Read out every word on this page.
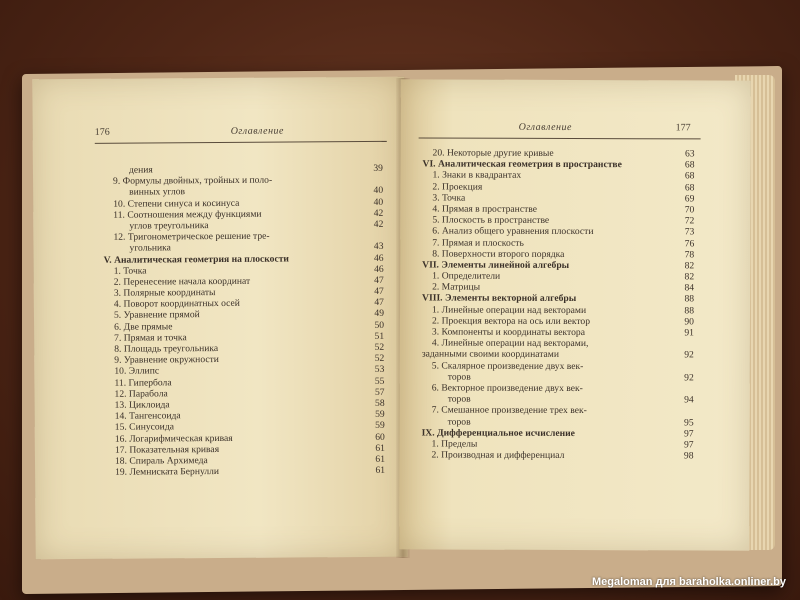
176	Оглавление
дения	39
9. Формулы двойных, тройных и поло-
винных углов	40
10. Степени синуса и косинуса	40
11. Соотношения между функциями	42
углов треугольника	42
12. Тригонометрическое решение тре-
угольника	43
V. Аналитическая геометрия на плоскости	46
1. Точка	46
2. Перенесение начала координат	47
3. Полярные координаты	47
4. Поворот координатных осей	47
5. Уравнение прямой	49
6. Две прямые	50
7. Прямая и точка	51
8. Площадь треугольника	52
9. Уравнение окружности	52
10. Эллипс	53
11. Гипербола	55
12. Парабола	57
13. Циклоида	58
14. Тангенсоида	59
15. Синусоида	59
16. Логарифмическая кривая	60
17. Показательная кривая	61
18. Спираль Архимеда	61
19. Лемниската Бернулли	61
Оглавление	177
20. Некоторые другие кривые	63
VI. Аналитическая геометрия в пространстве	68
1. Знаки в квадрантах	68
2. Проекция	68
3. Точка	69
4. Прямая в пространстве	70
5. Плоскость в пространстве	72
6. Анализ общего уравнения плоскости	73
7. Прямая и плоскость	76
8. Поверхности второго порядка	78
VII. Элементы линейной алгебры	82
1. Определители	82
2. Матрицы	84
VIII. Элементы векторной алгебры	88
1. Линейные операции над векторами	88
2. Проекция вектора на ось или вектор	90
3. Компоненты и координаты вектора	91
4. Линейные операции над векторами,
заданными своими координатами	92
5. Скалярное произведение двух век-
торов	92
6. Векторное произведение двух век-
торов	94
7. Смешанное произведение трех век-
торов	95
IX. Дифференциальное исчисление	97
1. Пределы	97
2. Производная и дифференциал	98
Megaloman для baraholka.onliner.by
